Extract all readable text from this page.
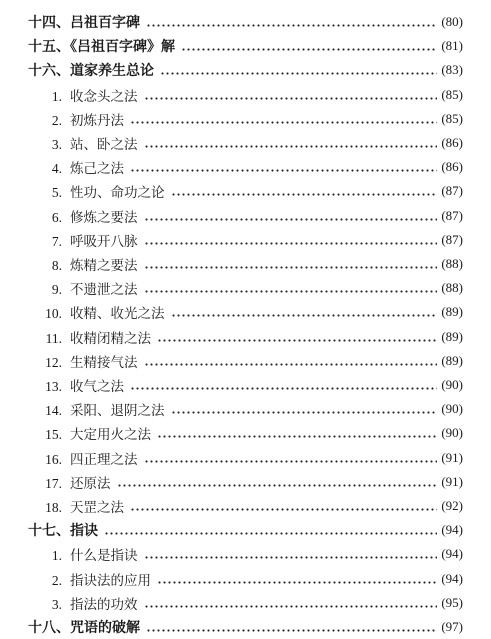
十四、吕祖百字碑	(80)
十五、《吕祖百字碑》解	(81)
十六、道家养生总论	(83)
1. 收念头之法	(85)
2. 初炼丹法	(85)
3. 站、卧之法	(86)
4. 炼己之法	(86)
5. 性功、命功之论	(87)
6. 修炼之要法	(87)
7. 呼吸开八脉	(87)
8. 炼精之要法	(88)
9. 不遗泄之法	(88)
10. 收精、收光之法	(89)
11. 收精闭精之法	(89)
12. 生精接气法	(89)
13. 收气之法	(90)
14. 采阳、退阴之法	(90)
15. 大定用火之法	(90)
16. 四正理之法	(91)
17. 还原法	(91)
18. 天罡之法	(92)
十七、指诀	(94)
1. 什么是指诀	(94)
2. 指诀法的应用	(94)
3. 指法的功效	(95)
十八、咒语的破解	(97)
